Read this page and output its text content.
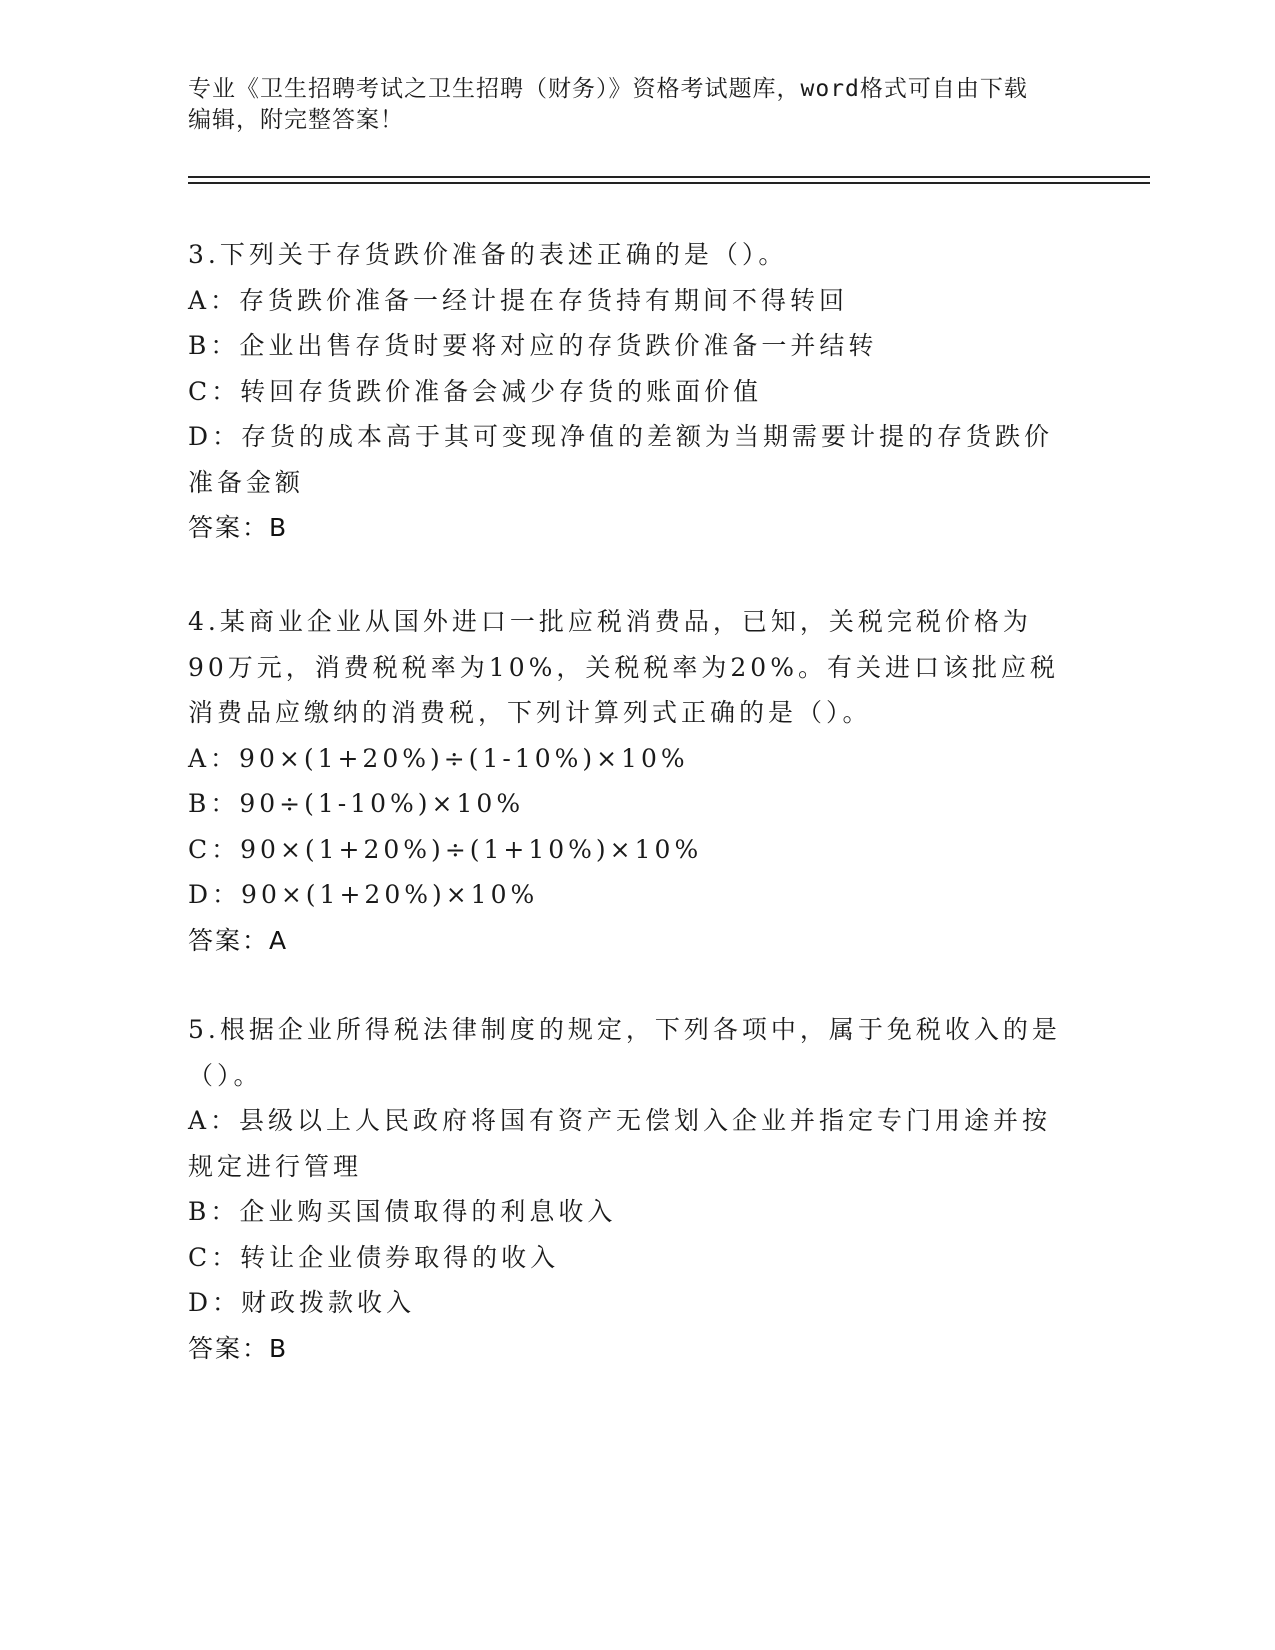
专业《卫生招聘考试之卫生招聘（财务）》资格考试题库，word格式可自由下载
编辑，附完整答案！
3.下列关于存货跌价准备的表述正确的是（）。
A：存货跌价准备一经计提在存货持有期间不得转回
B：企业出售存货时要将对应的存货跌价准备一并结转
C：转回存货跌价准备会减少存货的账面价值
D：存货的成本高于其可变现净值的差额为当期需要计提的存货跌价准备金额
答案：B
4.某商业企业从国外进口一批应税消费品，已知，关税完税价格为90万元，消费税税率为10%，关税税率为20%。有关进口该批应税消费品应缴纳的消费税，下列计算列式正确的是（）。
A：90×(1+20%)÷(1-10%)×10%
B：90÷(1-10%)×10%
C：90×(1+20%)÷(1+10%)×10%
D：90×(1+20%)×10%
答案：A
5.根据企业所得税法律制度的规定，下列各项中，属于免税收入的是（）。
A：县级以上人民政府将国有资产无偿划入企业并指定专门用途并按规定进行管理
B：企业购买国债取得的利息收入
C：转让企业债券取得的收入
D：财政拨款收入
答案：B
